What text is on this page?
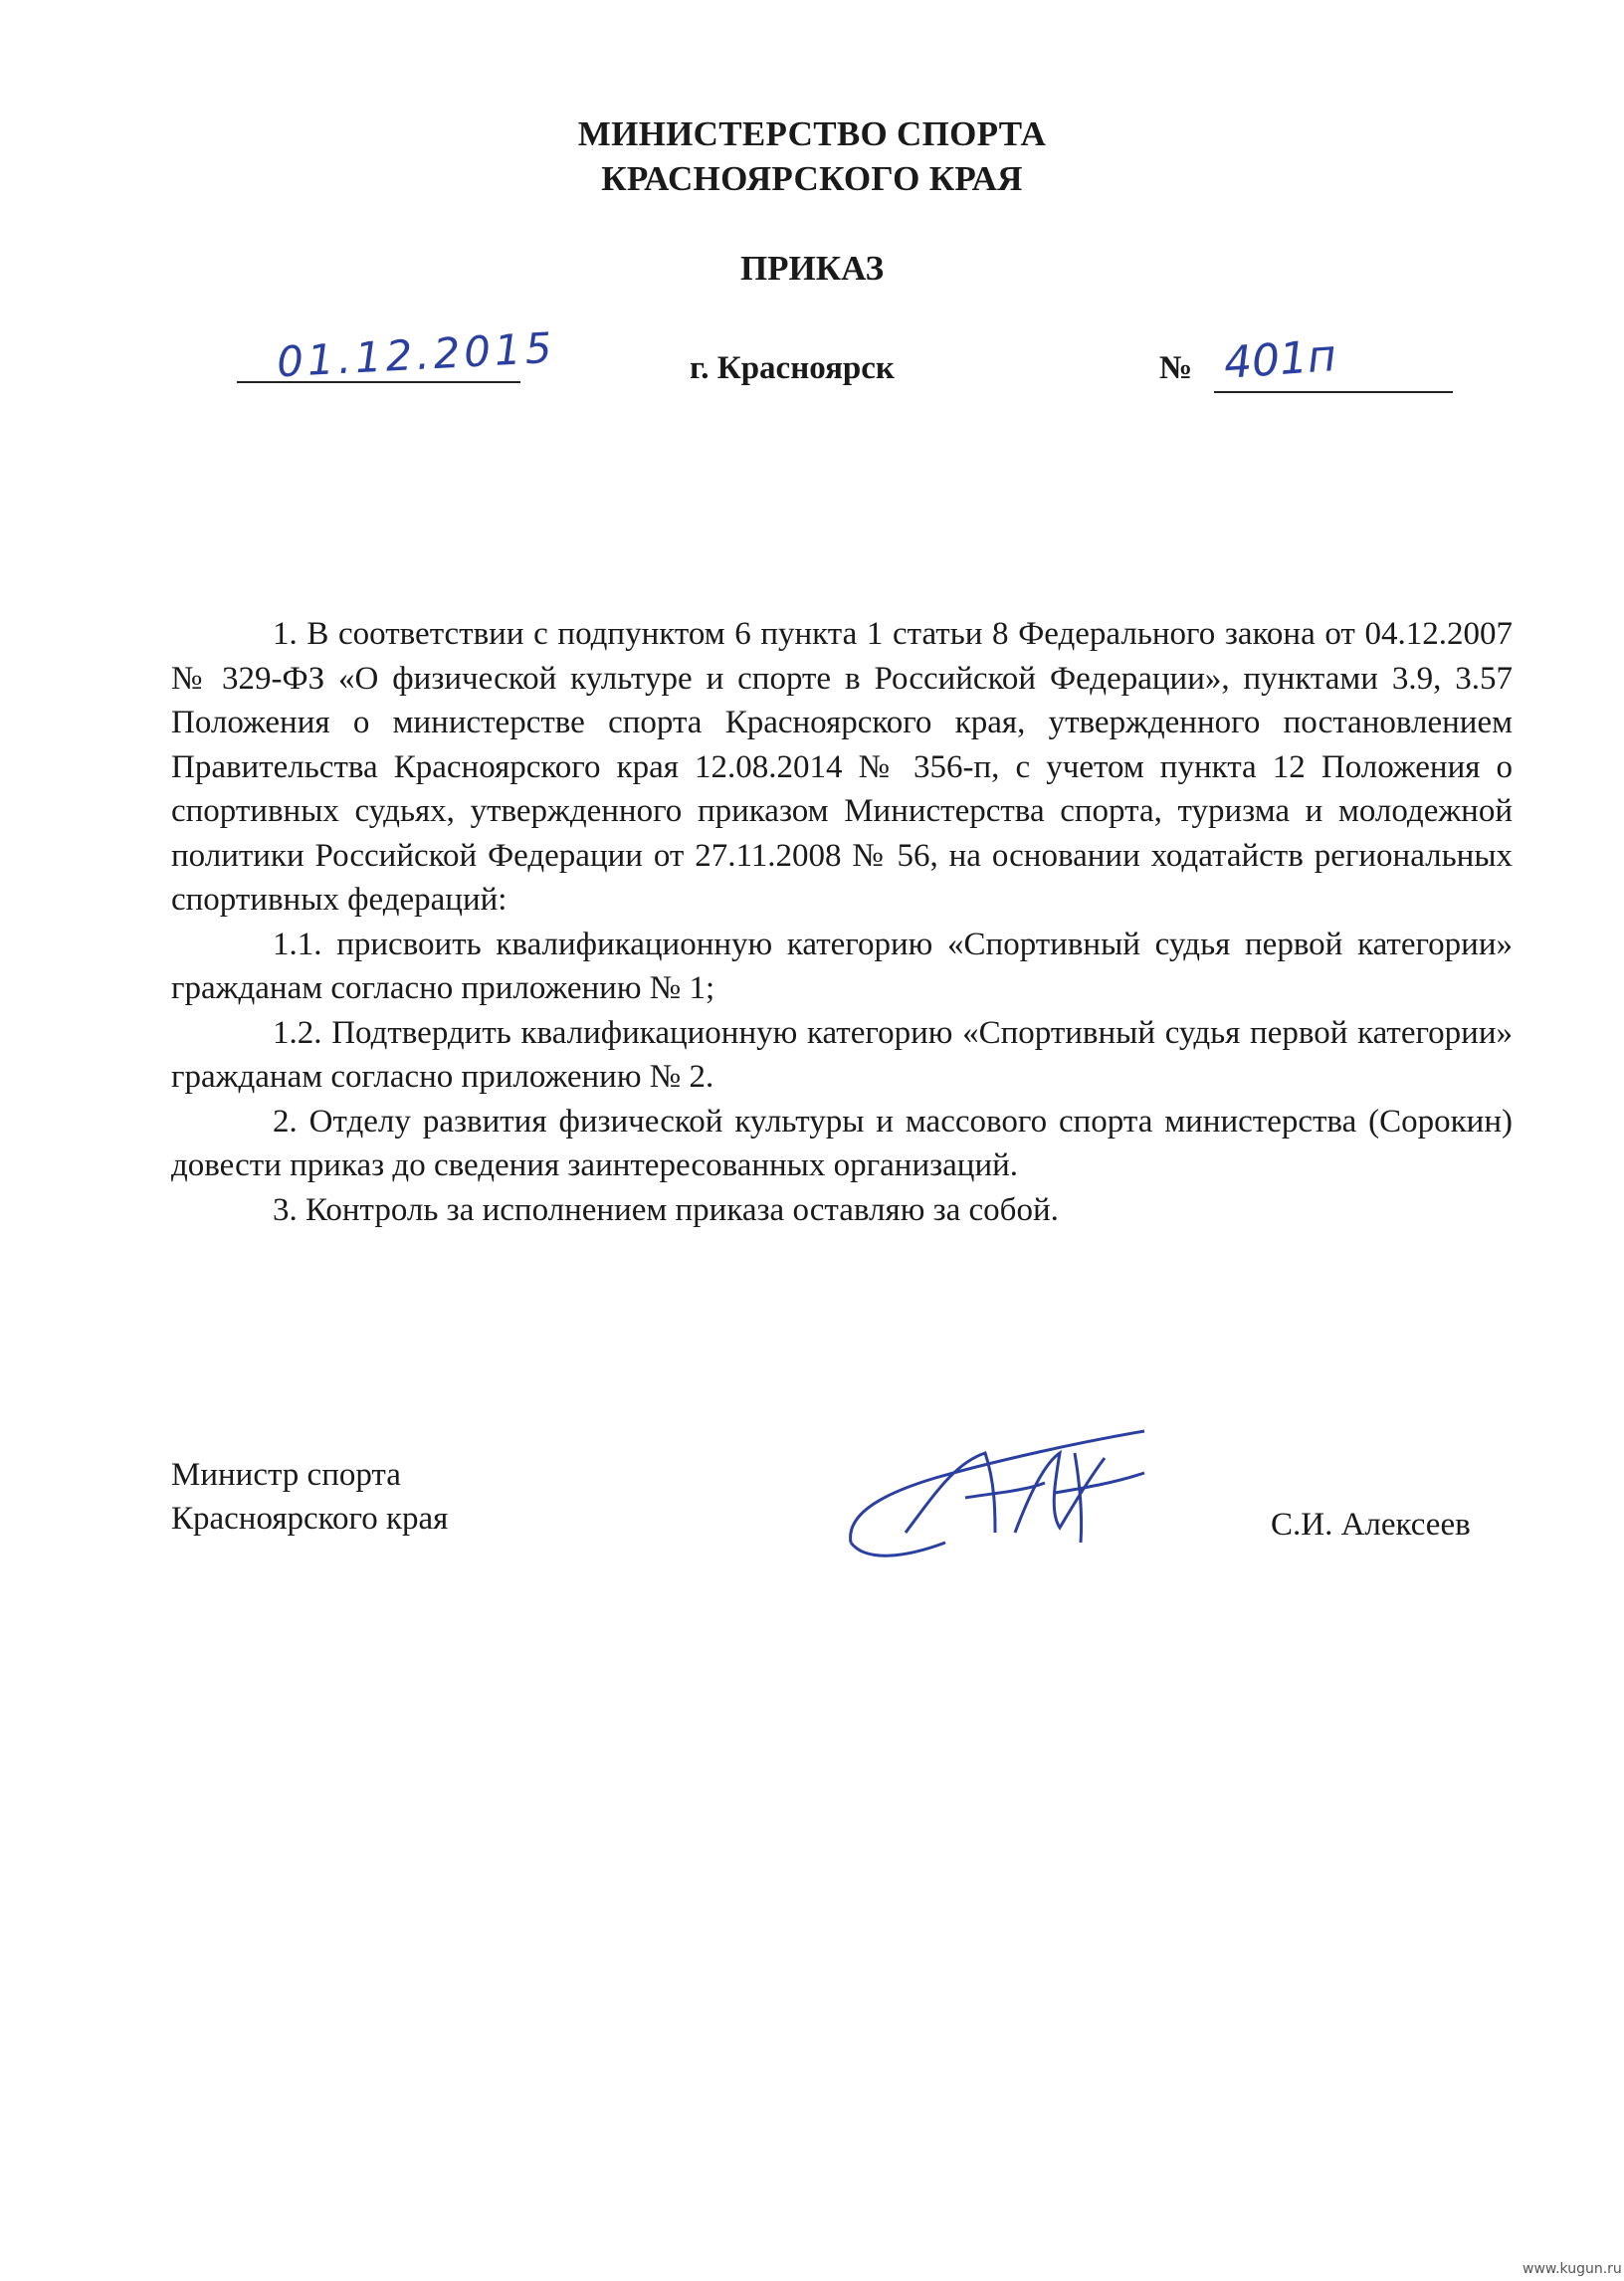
МИНИСТЕРСТВО СПОРТА
КРАСНОЯРСКОГО КРАЯ
ПРИКАЗ
01.12.2015	г. Красноярск	№ 401п

1. В соответствии с подпунктом 6 пункта 1 статьи 8 Федерального закона от 04.12.2007 № 329-ФЗ «О физической культуре и спорте в Российской Федерации», пунктами 3.9, 3.57 Положения о министерстве спорта Красноярского края, утвержденного постановлением Правительства Красноярского края 12.08.2014 № 356-п, с учетом пункта 12 Положения о спортивных судьях, утвержденного приказом Министерства спорта, туризма и молодежной политики Российской Федерации от 27.11.2008 № 56, на основании ходатайств региональных спортивных федераций:

1.1. присвоить квалификационную категорию «Спортивный судья первой категории» гражданам согласно приложению № 1;

1.2. Подтвердить квалификационную категорию «Спортивный судья первой категории» гражданам согласно приложению № 2.

2. Отделу развития физической культуры и массового спорта министерства (Сорокин) довести приказ до сведения заинтересованных организаций.

3. Контроль за исполнением приказа оставляю за собой.

Министр спорта
Красноярского края	С.И. Алексеев
www.kugun.ru
